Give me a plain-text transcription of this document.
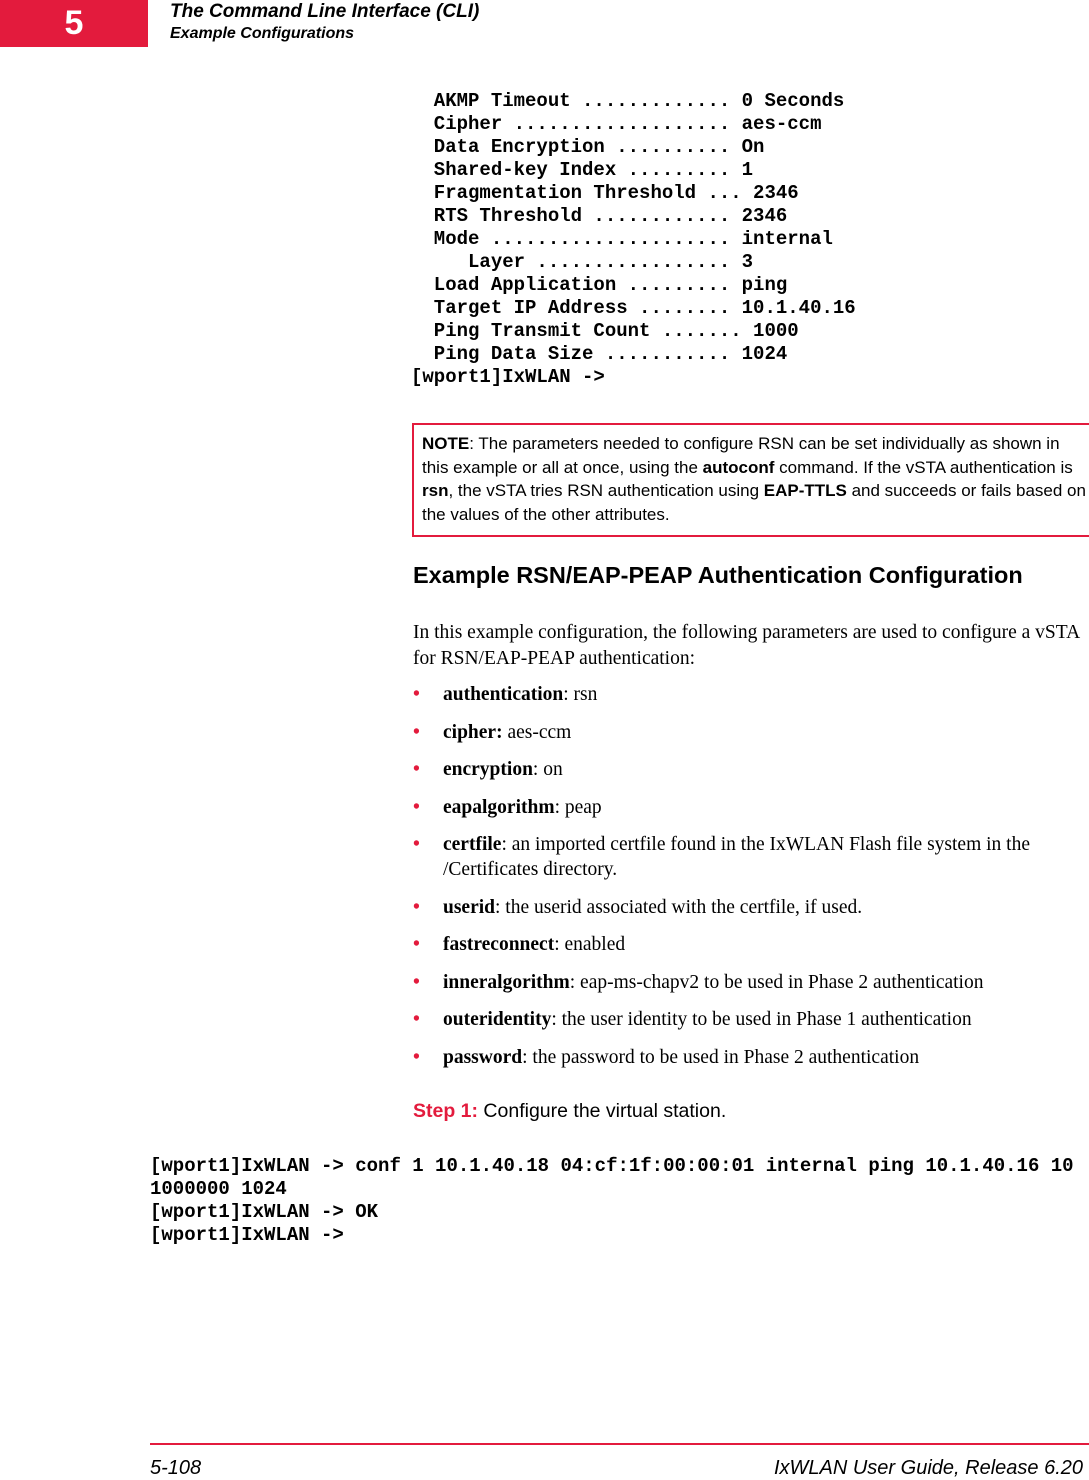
5	The Command Line Interface (CLI)
Example Configurations
AKMP Timeout ............. 0 Seconds
Cipher ................... aes-ccm
Data Encryption .......... On
Shared-key Index ......... 1
Fragmentation Threshold ... 2346
RTS Threshold ............ 2346
Mode ..................... internal
Layer ................. 3
Load Application ......... ping
Target IP Address ........ 10.1.40.16
Ping Transmit Count ....... 1000
Ping Data Size ........... 1024
[wport1]IxWLAN ->
NOTE: The parameters needed to configure RSN can be set individually as shown in this example or all at once, using the autoconf command. If the vSTA authentication is rsn, the vSTA tries RSN authentication using EAP-TTLS and succeeds or fails based on the values of the other attributes.
Example RSN/EAP-PEAP Authentication Configuration

In this example configuration, the following parameters are used to configure a vSTA for RSN/EAP-PEAP authentication:

• authentication: rsn
• cipher: aes-ccm
• encryption: on
• eapalgorithm: peap
• certfile: an imported certfile found in the IxWLAN Flash file system in the /Certificates directory.
• userid: the userid associated with the certfile, if used.
• fastreconnect: enabled
• inneralgorithm: eap-ms-chapv2 to be used in Phase 2 authentication
• outeridentity: the user identity to be used in Phase 1 authentication
• password: the password to be used in Phase 2 authentication
Step 1: Configure the virtual station.
[wport1]IxWLAN -> conf 1 10.1.40.18 04:cf:1f:00:00:01 internal ping 10.1.40.16 10
1000000 1024
[wport1]IxWLAN -> OK
[wport1]IxWLAN ->
5-108	IxWLAN User Guide, Release 6.20
